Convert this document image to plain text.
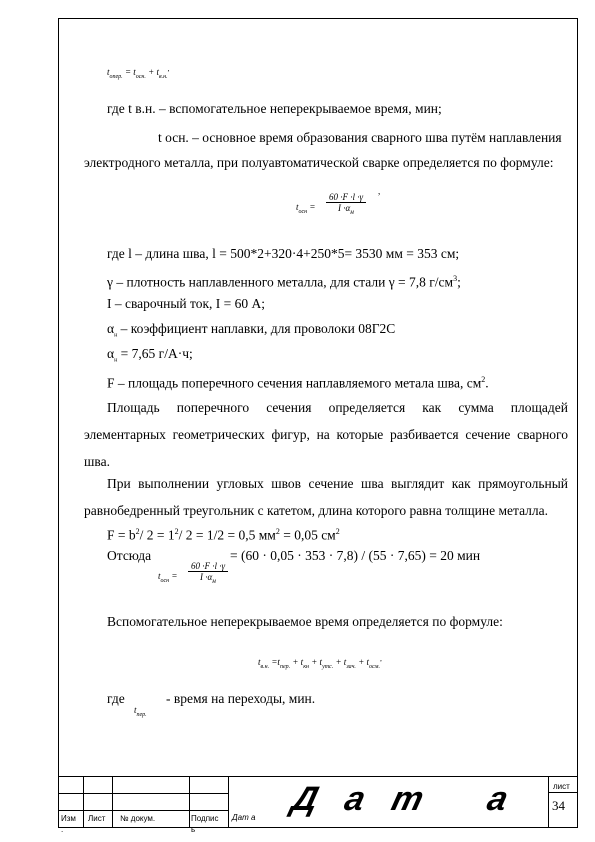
$t_{опер.} = t_{осн.} + t_{в.н.}^,$
где t в.н. – вспомогательное неперекрываемое время, мин;
t осн. – основное время образования сварного шва путём наплавления
электродного металла, при полуавтоматической сварке определяется по формуле:
$t_{осн}$ =
60 ·F ·l ·γ
$I \cdot\alpha_н$
,
где l – длина шва, l = 500*2+320·4+250*5= 3530 мм = 353 см;
γ – плотность наплавленного металла, для стали γ = 7,8 $г/см^3$;
I – сварочный ток, I = 60 А;
$\alpha_н$ – коэффициент наплавки, для проволоки 08Г2С
$\alpha_н = 7,65$ г/А·ч;
F – площадь поперечного сечения наплавляемого метала шва, $см^2$.
Площадь поперечного сечения определяется как сумма площадей элементарных геометрических фигур, на которые разбивается сечение сварного шва.
При выполнении угловых швов сечение шва выглядит как прямоугольный равнобедренный треугольник с катетом, длина которого равна толщине металла.
$F = b^2/$ $2 = 1^2/$ 2 = 1/2 = 0,5 $мм^2 = 0,05$ $см^2$
Отсюда	= (60 · 0,05 · 353 · 7,8) / (55 · 7,65) = 20 мин
$t_{осн}$ =
60 ·F ·l ·γ
$I \cdot\alpha_н$
Вспомогательное неперекрываемое время определяется по формуле:
$t_{в.н.} =t_{пер.} + t_{кн} + t_{утс.} + t_{зач.} + t_{осм.}^,$
где	- время на переходы, мин.
$t_{пер.}$
Изм Лист № докум.	Подпис
ь
Дат а
.
Дат а лист
34
